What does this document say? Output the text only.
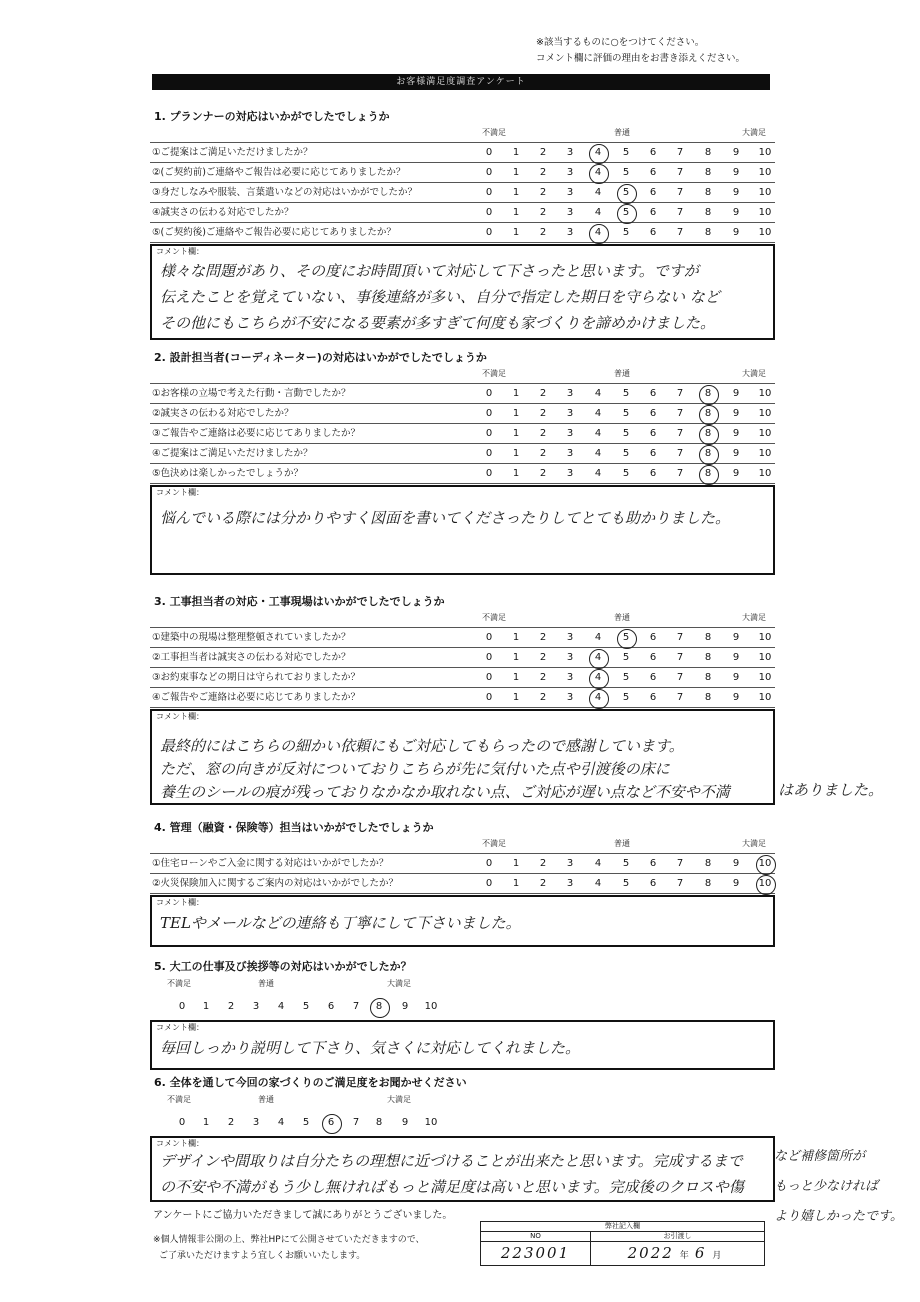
※該当するものに○をつけてください。
コメント欄に評価の理由をお書き添えください。
お客様満足度調査アンケート
アンケートにご協力いただきまして誠にありがとうございました。
※個人情報非公開の上、弊社HPにて公開させていただきますので、
ご了承いただけますよう宜しくお願いいたします。
弊社記入欄
NO	お引渡し
223001	2022 年 6 月
1. プランナーの対応はいかがでしたでしょうか
不満足	普通	大満足
①ご提案はご満足いただけましたか？	0	1	2	3	4	5	6	7	8	9	10
②(ご契約前)ご連絡やご報告は必要に応じてありましたか？	0	1	2	3	4	5	6	7	8	9	10
③身だしなみや服装、言葉遣いなどの対応はいかがでしたか？	0	1	2	3	4	5	6	7	8	9	10
④誠実さの伝わる対応でしたか？	0	1	2	3	4	5	6	7	8	9	10
⑤(ご契約後)ご連絡やご報告必要に応じてありましたか？	0	1	2	3	4	5	6	7	8	9	10
コメント欄：
様々な問題があり、その度にお時間頂いて対応して下さったと思います。ですが
伝えたことを覚えていない、事後連絡が多い、自分で指定した期日を守らない など
その他にもこちらが不安になる要素が多すぎて何度も家づくりを諦めかけました。
2. 設計担当者(コーディネーター)の対応はいかがでしたでしょうか
不満足	普通	大満足
①お客様の立場で考えた行動・言動でしたか？	0	1	2	3	4	5	6	7	8	9	10
②誠実さの伝わる対応でしたか？	0	1	2	3	4	5	6	7	8	9	10
③ご報告やご連絡は必要に応じてありましたか？	0	1	2	3	4	5	6	7	8	9	10
④ご提案はご満足いただけましたか？	0	1	2	3	4	5	6	7	8	9	10
⑤色決めは楽しかったでしょうか？	0	1	2	3	4	5	6	7	8	9	10
コメント欄：
悩んでいる際には分かりやすく図面を書いてくださったりしてとても助かりました。
3. 工事担当者の対応・工事現場はいかがでしたでしょうか
不満足	普通	大満足
①建築中の現場は整理整頓されていましたか？	0	1	2	3	4	5	6	7	8	9	10
②工事担当者は誠実さの伝わる対応でしたか？	0	1	2	3	4	5	6	7	8	9	10
③お約束事などの期日は守られておりましたか？	0	1	2	3	4	5	6	7	8	9	10
④ご報告やご連絡は必要に応じてありましたか？	0	1	2	3	4	5	6	7	8	9	10
コメント欄：
最終的にはこちらの細かい依頼にもご対応してもらったので感謝しています。
ただ、窓の向きが反対についておりこちらが先に気付いた点や引渡後の床に
養生のシールの痕が残っておりなかなか取れない点、ご対応が遅い点など不安や不満	はありました。
4. 管理（融資・保険等）担当はいかがでしたでしょうか
不満足	普通	大満足
①住宅ローンやご入金に関する対応はいかがでしたか？	0	1	2	3	4	5	6	7	8	9	10
②火災保険加入に関するご案内の対応はいかがでしたか？	0	1	2	3	4	5	6	7	8	9	10
コメント欄：
TELやメールなどの連絡も丁寧にして下さいました。
5. 大工の仕事及び挨拶等の対応はいかがでしたか？
不満足	普通	大満足
0	1	2	3	4	5	6	7	8	9	10
コメント欄：
毎回しっかり説明して下さり、気さくに対応してくれました。
6. 全体を通して今回の家づくりのご満足度をお聞かせください
不満足	普通	大満足
0	1	2	3	4	5	6	7	8	9	10
コメント欄：
デザインや間取りは自分たちの理想に近づけることが出来たと思います。完成するまで
の不安や不満がもう少し無ければもっと満足度は高いと思います。完成後のクロスや傷
など補修箇所が
もっと少なければ
より嬉しかったです。
